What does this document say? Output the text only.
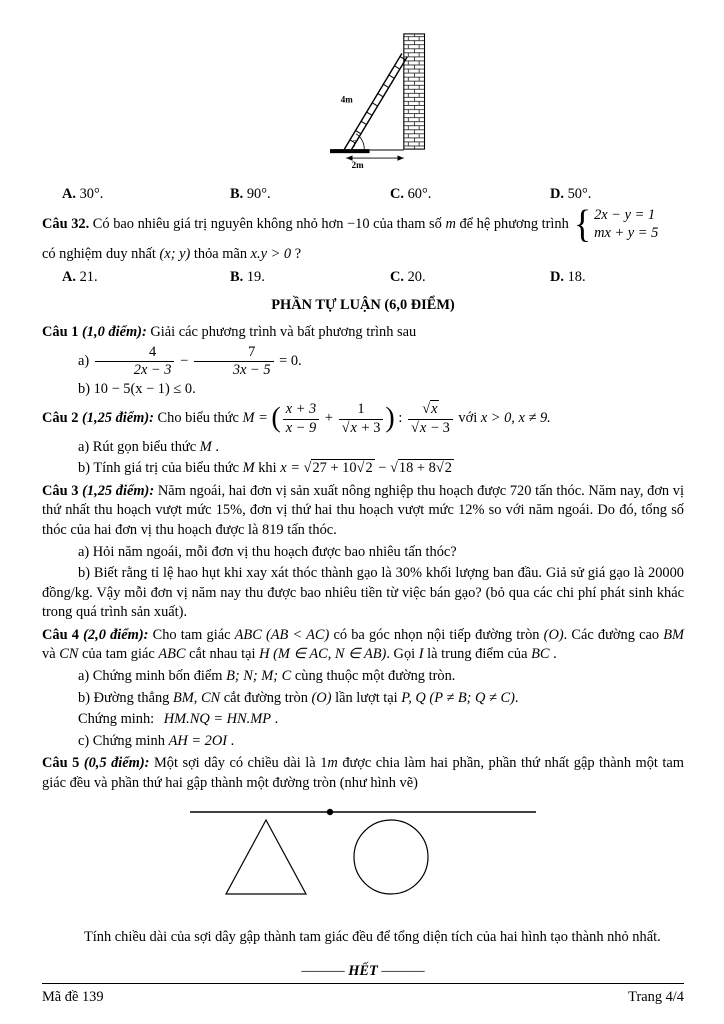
?
2m
4m
A. 30°.	B. 90°.	C. 60°.	D. 50°.

Câu 32. Có bao nhiêu giá trị nguyên không nhỏ hơn −10 của tham số m để hệ phương trình { 2x − y = 1
mx + y = 5

có nghiệm duy nhất (x; y) thỏa mãn x.y > 0 ?

A. 21.	B. 19.	C. 20.	D. 18.

PHẦN TỰ LUẬN (6,0 ĐIỂM)

Câu 1 (1,0 điểm): Giải các phương trình và bất phương trình sau

$a) \frac{4}{2x - 3} - \frac{7}{3x - 5} = 0$.

b) 10 − 5(x − 1) ≤ 0.

Câu 2 (1,25 điểm): Cho biểu thức M = ( $\frac{x + 3}{x - 9} + \frac{1}{√x + 3}$ ) : $\frac{√x}{√x - 3}$ với x > 0, x ≠ 9.

a) Rút gọn biểu thức M .

b) Tính giá trị của biểu thức M khi x = √27 + 10√2 − √18 + 8√2

Câu 3 (1,25 điểm): Năm ngoái, hai đơn vị sản xuất nông nghiệp thu hoạch được 720 tấn thóc. Năm nay, đơn vị thứ nhất thu hoạch vượt mức 15%, đơn vị thứ hai thu hoạch vượt mức 12% so với năm ngoái. Do đó, tổng số thóc của hai đơn vị thu hoạch được là 819 tấn thóc.

a) Hỏi năm ngoái, mỗi đơn vị thu hoạch được bao nhiêu tấn thóc?

b) Biết rằng tỉ lệ hao hụt khi xay xát thóc thành gạo là 30% khối lượng ban đầu. Giả sử giá gạo là 20000 đồng/kg. Vậy mỗi đơn vị năm nay thu được bao nhiêu tiền từ việc bán gạo? (bỏ qua các chi phí phát sinh khác trong quá trình sản xuất).

Câu 4 (2,0 điểm): Cho tam giác ABC (AB < AC) có ba góc nhọn nội tiếp đường tròn (O). Các đường cao BM và CN của tam giác ABC cắt nhau tại H (M ∈ AC, N ∈ AB). Gọi I là trung điểm của BC .

a) Chứng minh bốn điểm B; N; M; C cùng thuộc một đường tròn.

b) Đường thẳng BM, CN cắt đường tròn (O) lần lượt tại P, Q (P ≠ B; Q ≠ C).

Chứng minh: HM.NQ = HN.MP .

c) Chứng minh AH = 2OI .

Câu 5 (0,5 điểm): Một sợi dây có chiều dài là 1m được chia làm hai phần, phần thứ nhất gập thành một tam giác đều và phần thứ hai gập thành một đường tròn (như hình vẽ)

Tính chiều dài của sợi dây gập thành tam giác đều để tổng diện tích của hai hình tạo thành nhỏ nhất.

——— HẾT ———

Mã đề 139	Trang 4/4
